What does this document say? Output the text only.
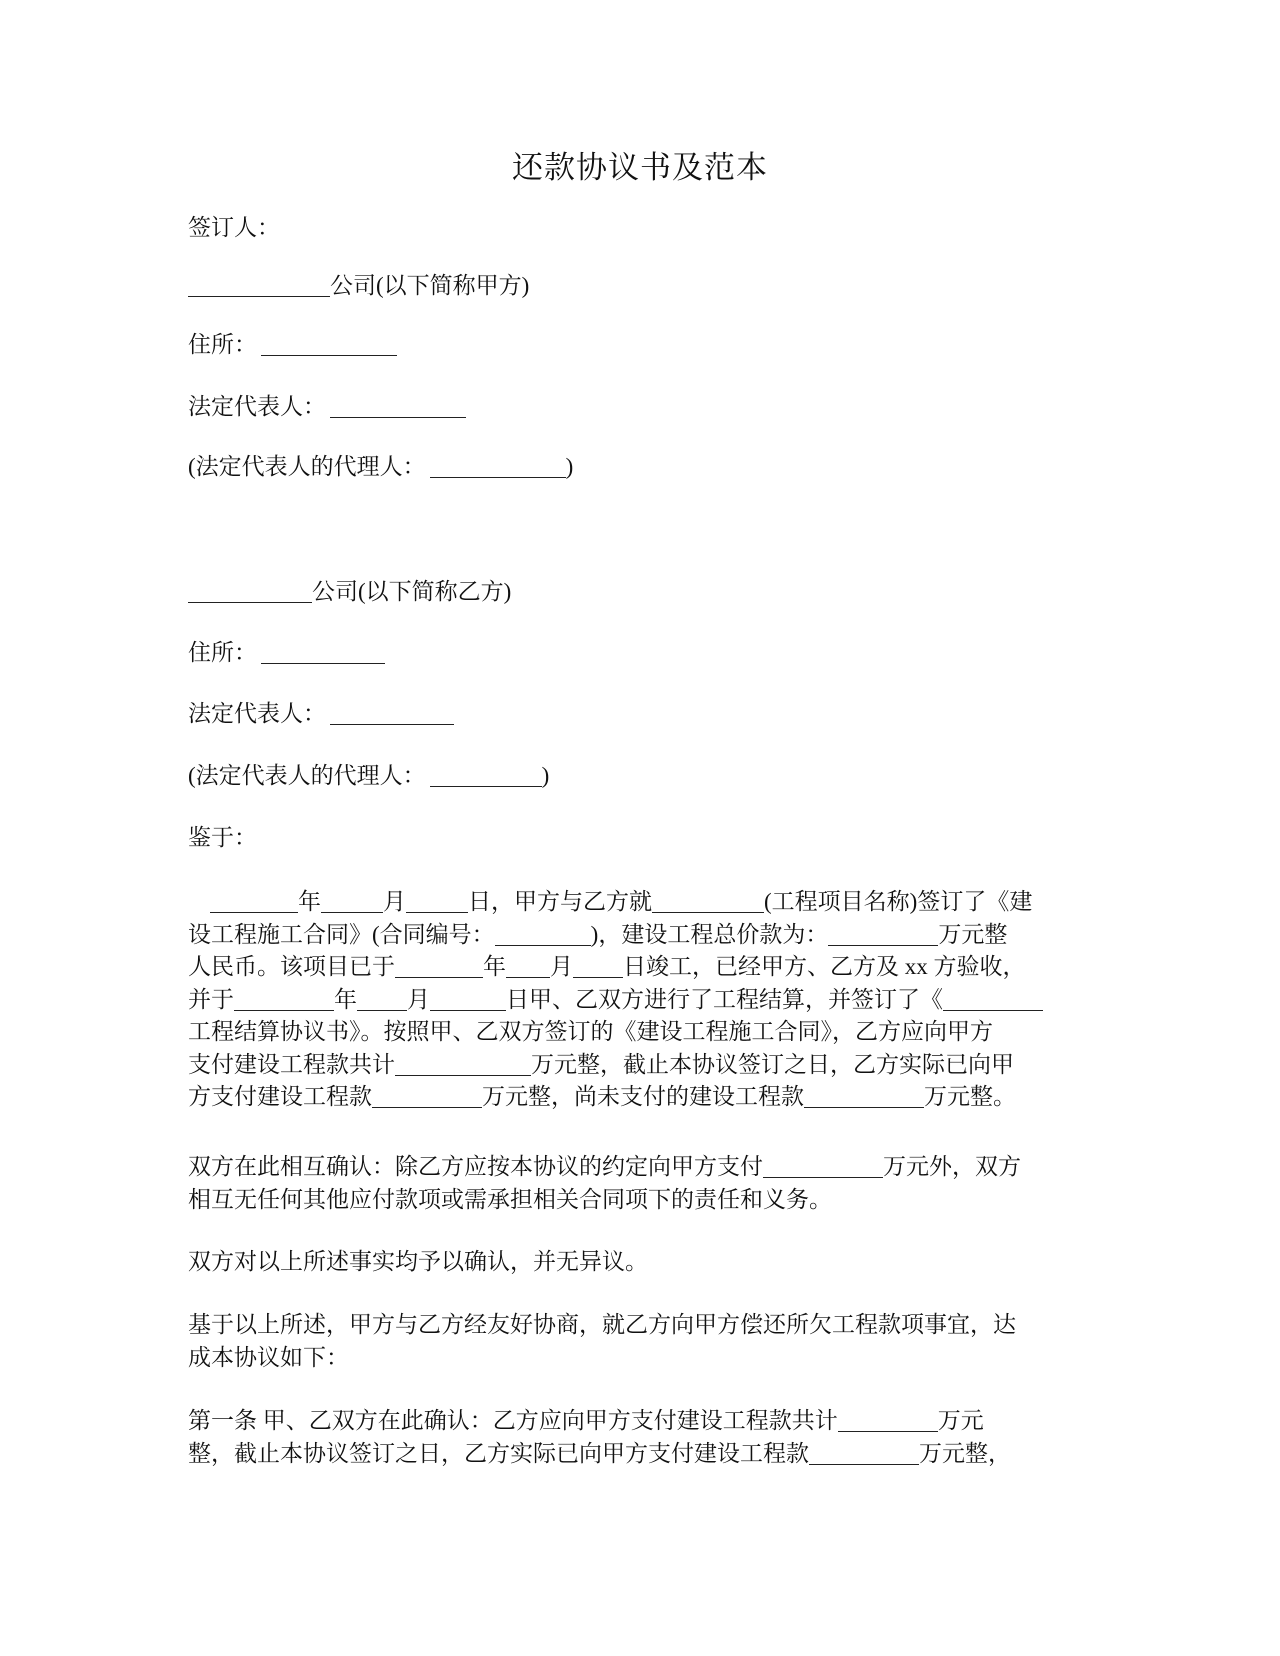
还款协议书及范本
签订人：
公司(以下简称甲方)
住所：
法定代表人：
(法定代表人的代理人：	)
公司(以下简称乙方)
住所：
法定代表人：
(法定代表人的代理人：	)
鉴于：
年	月	日，甲方与乙方就	(工程项目名称)签订了《建
设工程施工合同》(合同编号：	)，建设工程总价款为：	万元整
人民币。该项目已于	年 月 日竣工，已经甲方、乙方及 xx 方验收，
并于	年 月	日甲、乙双方进行了工程结算，并签订了《
工程结算协议书》。按照甲、乙双方签订的《建设工程施工合同》，乙方应向甲方
支付建设工程款共计	万元整，截止本协议签订之日，乙方实际已向甲
方支付建设工程款	万元整，尚未支付的建设工程款	万元整。
双方在此相互确认：除乙方应按本协议的约定向甲方支付	万元外，双方
相互无任何其他应付款项或需承担相关合同项下的责任和义务。
双方对以上所述事实均予以确认，并无异议。
基于以上所述，甲方与乙方经友好协商，就乙方向甲方偿还所欠工程款项事宜，达
成本协议如下：
第一条 甲、乙双方在此确认：乙方应向甲方支付建设工程款共计	万元
整，截止本协议签订之日，乙方实际已向甲方支付建设工程款	万元整，
